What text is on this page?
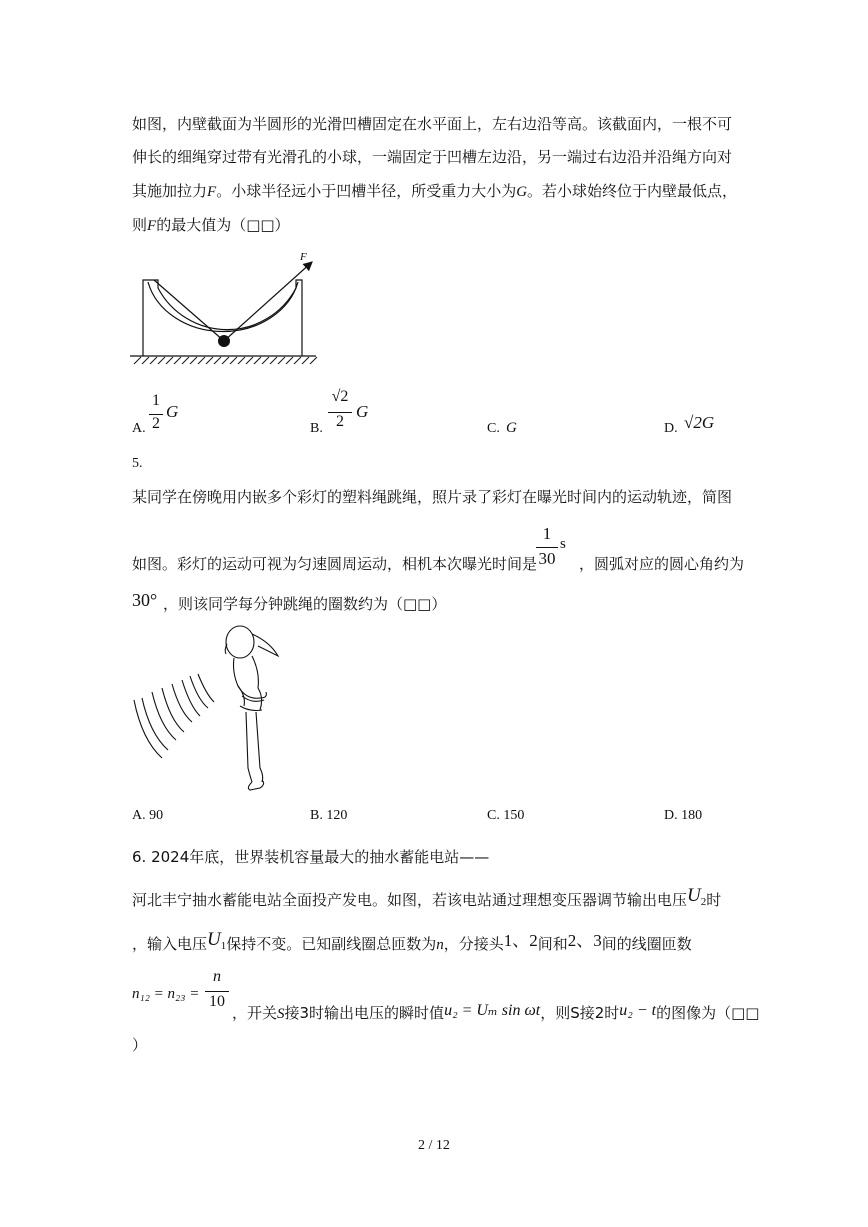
如图，内壁截面为半圆形的光滑凹槽固定在水平面上，左右边沿等高。该截面内，一根不可
伸长的细绳穿过带有光滑孔的小球，一端固定于凹槽左边沿，另一端过右边沿并沿绳方向对
其施加拉力F。小球半径远小于凹槽半径，所受重力大小为G。若小球始终位于内壁最低点，
则F的最大值为（□□）
F
A.
1
2
G
B.
√2
2
G
C. G	D. √2G
5.
某同学在傍晚用内嵌多个彩灯的塑料绳跳绳，照片录了彩灯在曝光时间内的运动轨迹，简图
如图。彩灯的运动可视为匀速圆周运动，相机本次曝光时间是	，圆弧对应的圆心角约为
1
30
s
30° ，则该同学每分钟跳绳的圈数约为（□□）
A. 90	B. 120	C. 150	D. 180
6. 2024年底，世界装机容量最大的抽水蓄能电站——
河北丰宁抽水蓄能电站全面投产发电。如图，若该电站通过理想变压器调节输出电压U2时
，输入电压U1保持不变。已知副线圈总匝数为n，分接头1、2间和2、3间的线圈匝数
n₁₂ = n₂₃ =
n
10
，开关S接3时输出电压的瞬时值u₂ = Uₘ sin ωt，则S接2时u₂ − t的图像为（□□
）
2 / 12
